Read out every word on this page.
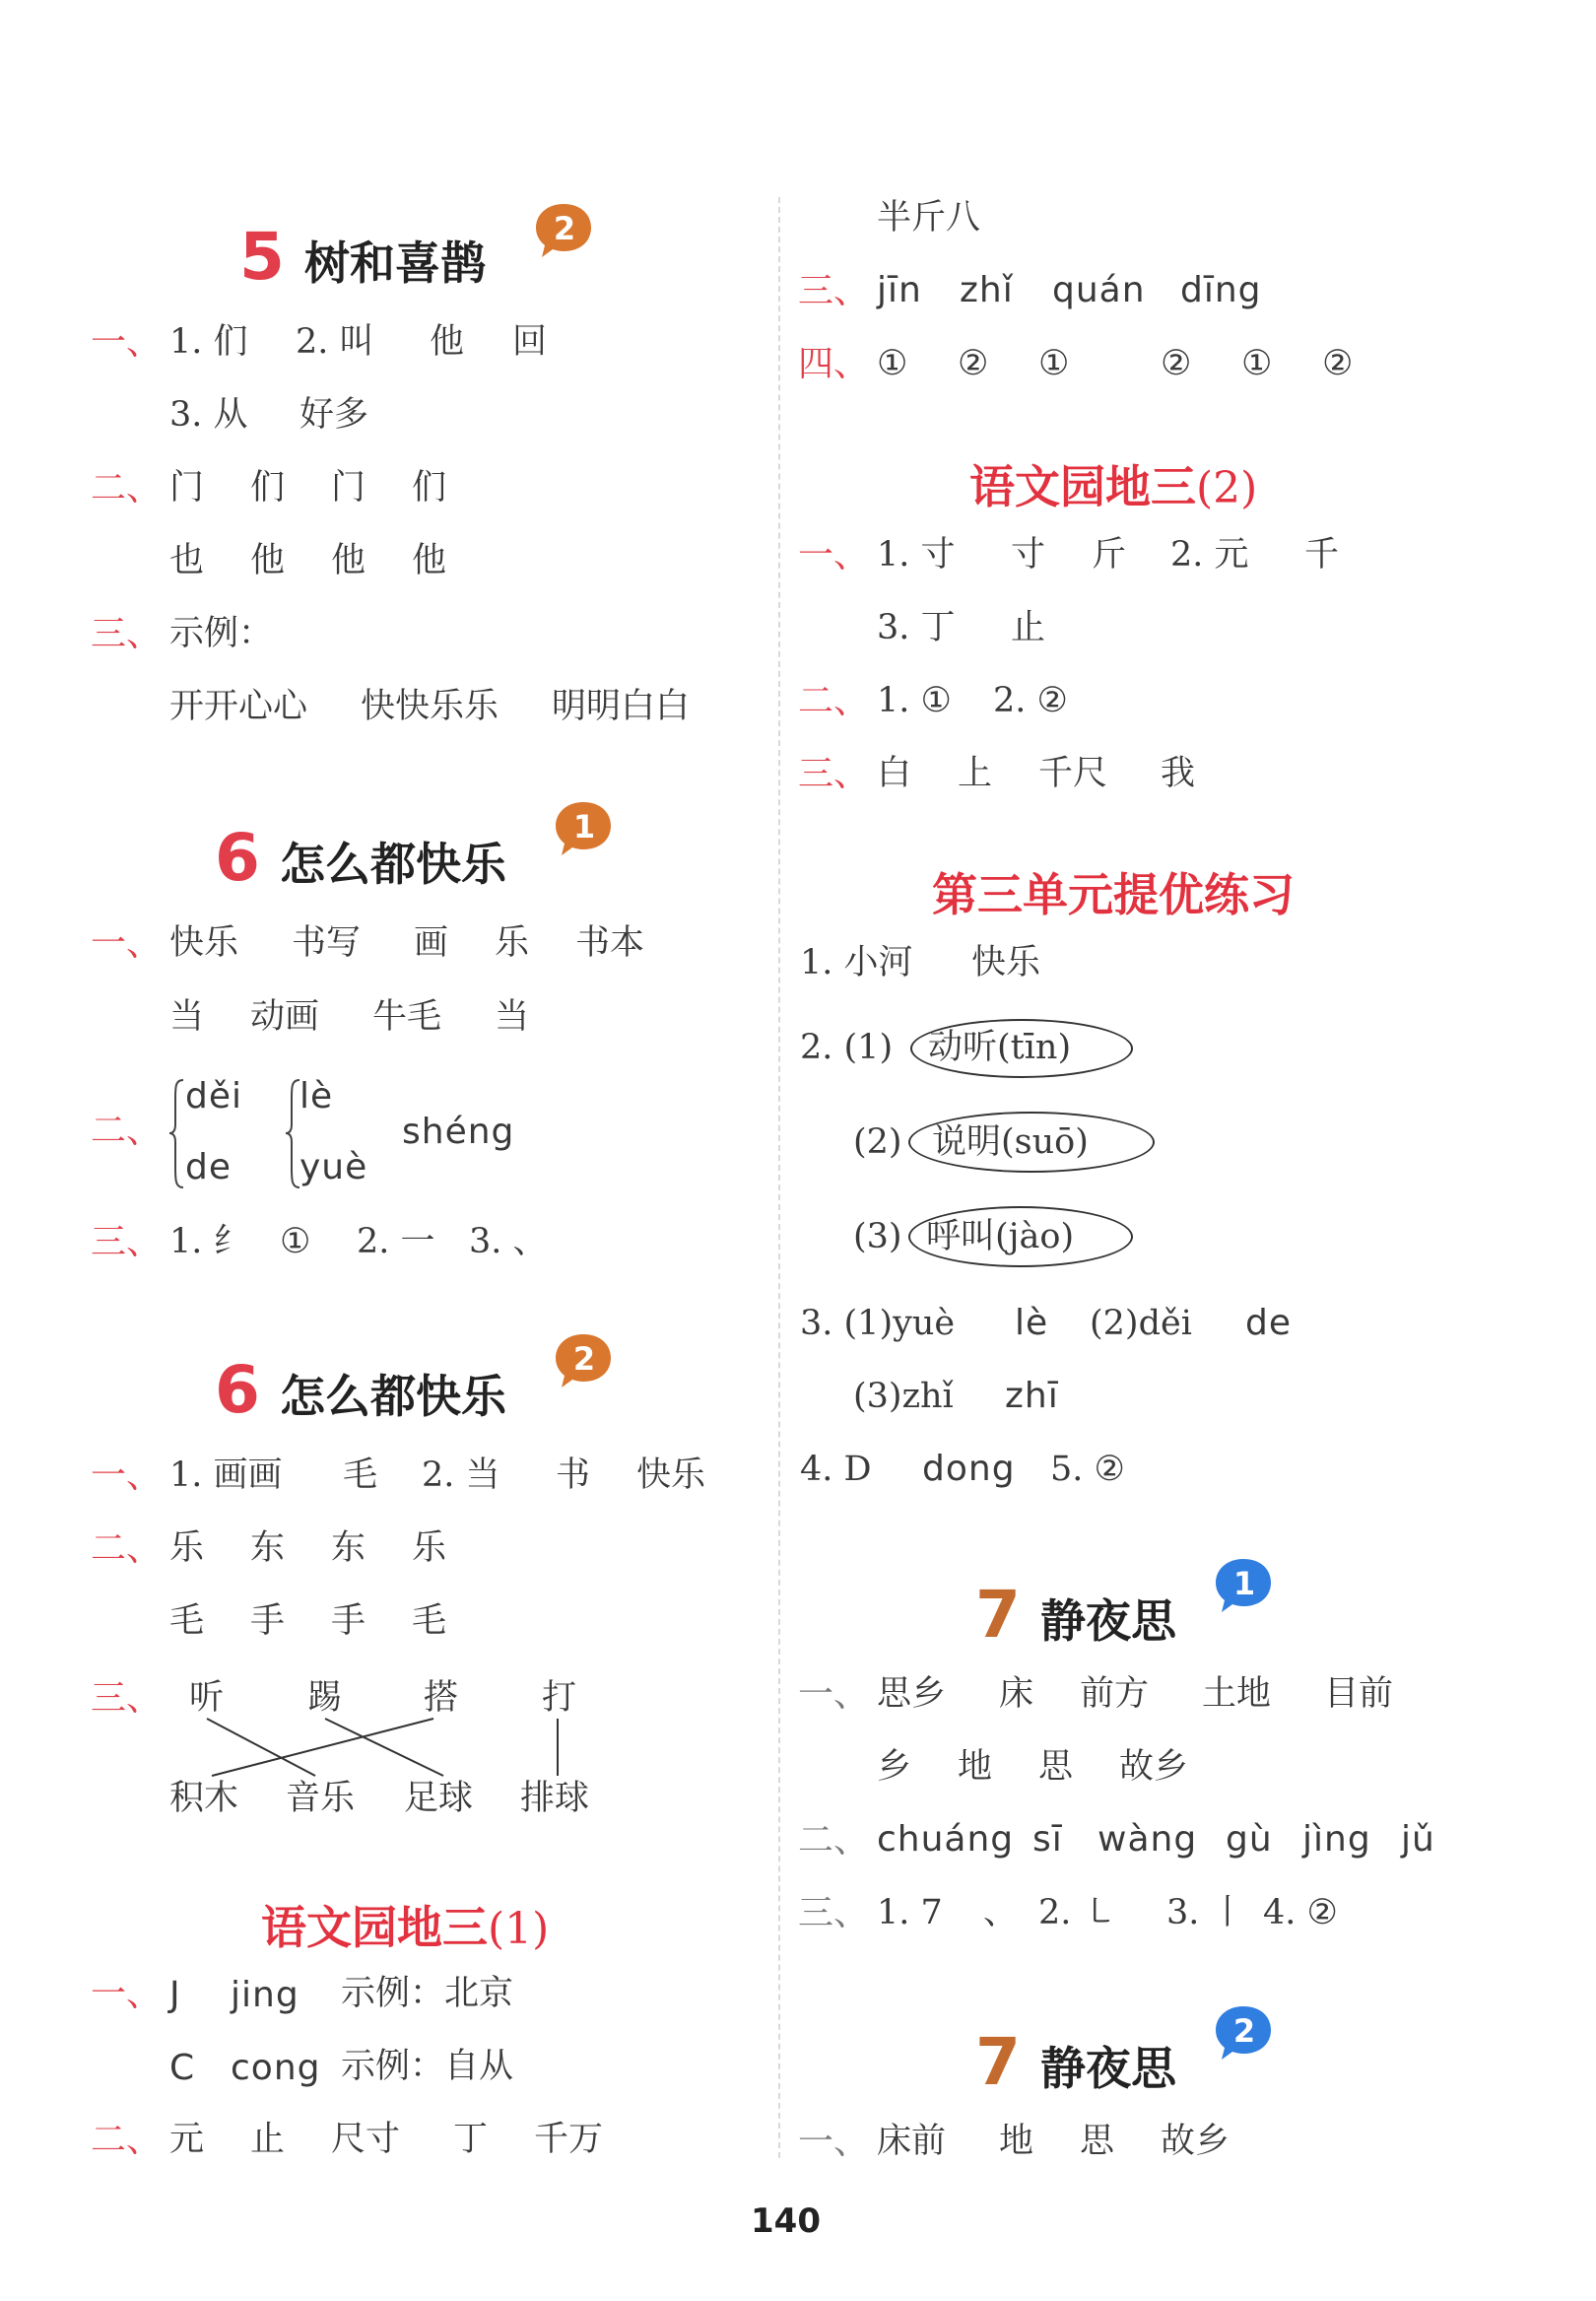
5 树和喜鹊
2
一、 1. 们 2. 叫 他 回
3. 从 好多
二、 门 们 门 们
也 他 他 他
三、 示例：
开开心心 快快乐乐 明明白白
6 怎么都快乐
1
一、 快乐 书写 画 乐 书本
当 动画 牛毛 当
二、
děi
de
lè
yuè
shéng
三、 1. 纟 ① 2. 一 3. 、
6 怎么都快乐
2
一、 1. 画画 毛 2. 当 书 快乐
二、 乐 东 东 乐
毛 手 手 毛
三、 听 踢 搭 打
积木 音乐 足球 排球
语文园地三(1)
一、 J jing 示例：北京
C cong 示例：自从
二、 元 止 尺寸 丁 千万
半斤八
三、 jīn zhǐ quán dīng
四、 ① ② ①	② ① ②
语文园地三(2)
一、 1. 寸 寸 斤 2. 元 千
3. 丁 止
二、 1. ① 2. ②
三、 白 上 千尺 我
第三单元提优练习
1. 小河 快乐
2. (1) 动听(tīn)
(2) 说明(suō)
(3) 呼叫(jào)
3. (1)yuè lè (2)děi de
(3)zhǐ zhī
4. D dong 5. ②
7 静夜思
1
一、 思乡 床 前方 土地 目前
乡 地 思 故乡
二、 chuáng sī wàng gù jìng jǔ
三、 1. 7 、 2. ㇄ 3. 丨 4. ②
7 静夜思
2
一、 床前 地 思 故乡
140
